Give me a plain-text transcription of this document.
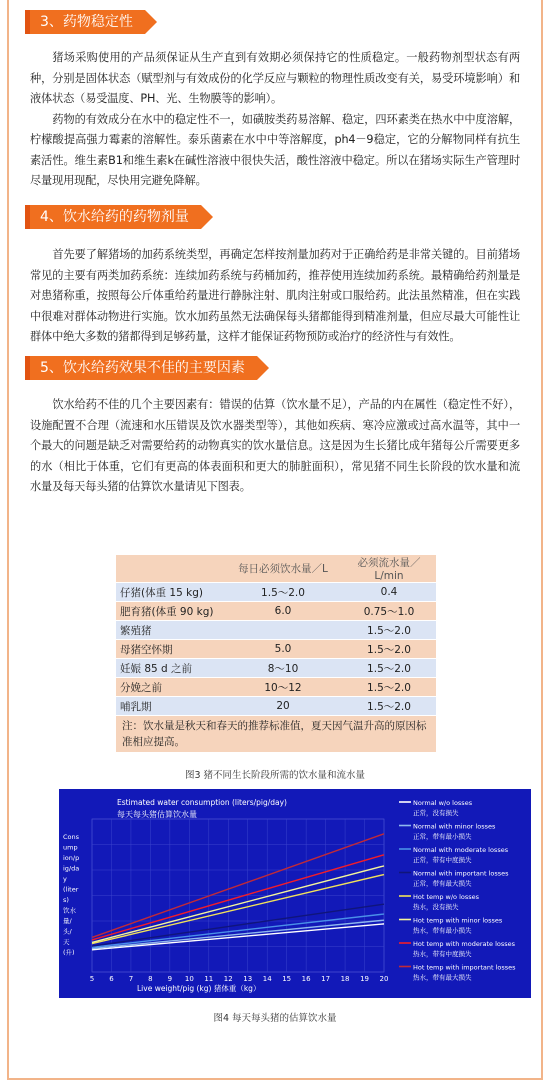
3、药物稳定性

猪场采购使用的产品须保证从生产直到有效期必须保持它的性质稳定。一般药物剂型状态有两种，分别是固体状态（赋型剂与有效成份的化学反应与颗粒的物理性质改变有关，易受环境影响）和液体状态（易受温度、PH、光、生物膜等的影响）。

药物的有效成分在水中的稳定性不一，如磺胺类药易溶解、稳定，四环素类在热水中中度溶解，柠檬酸提高强力霉素的溶解性。泰乐菌素在水中中等溶解度，ph4－9稳定，它的分解物同样有抗生素活性。维生素B1和维生素k在碱性溶液中很快失活，酸性溶液中稳定。所以在猪场实际生产管理时尽量现用现配，尽快用完避免降解。

4、饮水给药的药物剂量

首先要了解猪场的加药系统类型，再确定怎样按剂量加药对于正确给药是非常关键的。目前猪场常见的主要有两类加药系统：连续加药系统与药桶加药，推荐使用连续加药系统。最精确给药剂量是对患猪称重，按照每公斤体重给药量进行静脉注射、肌肉注射或口服给药。此法虽然精准，但在实践中很难对群体动物进行实施。饮水加药虽然无法确保每头猪都能得到精准剂量，但应尽最大可能性让群体中绝大多数的猪都得到足够药量，这样才能保证药物预防或治疗的经济性与有效性。

5、饮水给药效果不佳的主要因素

饮水给药不佳的几个主要因素有：错误的估算（饮水量不足），产品的内在属性（稳定性不好），设施配置不合理（流速和水压错误及饮水器类型等），其他如疾病、寒冷应激或过高水温等，其中一个最大的问题是缺乏对需要给药的动物真实的饮水量信息。这是因为生长猪比成年猪每公斤需要更多的水（相比于体重，它们有更高的体表面积和更大的肺脏面积），常见猪不同生长阶段的饮水量和流水量及每天每头猪的估算饮水量请见下图表。

	每日必须饮水量／L	必须流水量／L/min
仔猪(体重 15 kg)	1.5～2.0	0.4
肥育猪(体重 90 kg)	6.0	0.75～1.0
繁殖猪		1.5～2.0
母猪空怀期	5.0	1.5～2.0
妊娠 85 d 之前	8～10	1.5～2.0
分娩之前	10～12	1.5～2.0
哺乳期	20	1.5～2.0
注：饮水量是秋天和春天的推荐标准值，夏天因气温升高的原因标准相应提高。		
图3 猪不同生长阶段所需的饮水量和流水量
Estimated water consumption (liters/pig/day)
每天每头猪估算饮水量
Cons
ump
ion/p
ig/da
y
(liter
s)
饮水
量/
头/
天
(升)
5 6 7 8 9 10 11 12 13 14 15 16 17 18 19 20
Live weight/pig (kg) 猪体重（kg）
Normal w/o losses
正常，没有损失
Normal with minor losses
正常，带有最小损失
Normal with moderate losses
正常，带有中度损失
Normal with important losses
正常，带有最大损失
Hot temp w/o losses
热水，没有损失
Hot temp with minor losses
热水，带有最小损失
Hot temp with moderate losses
热水，带有中度损失
Hot temp with important losses
热水，带有最大损失
图4 每天每头猪的估算饮水量
